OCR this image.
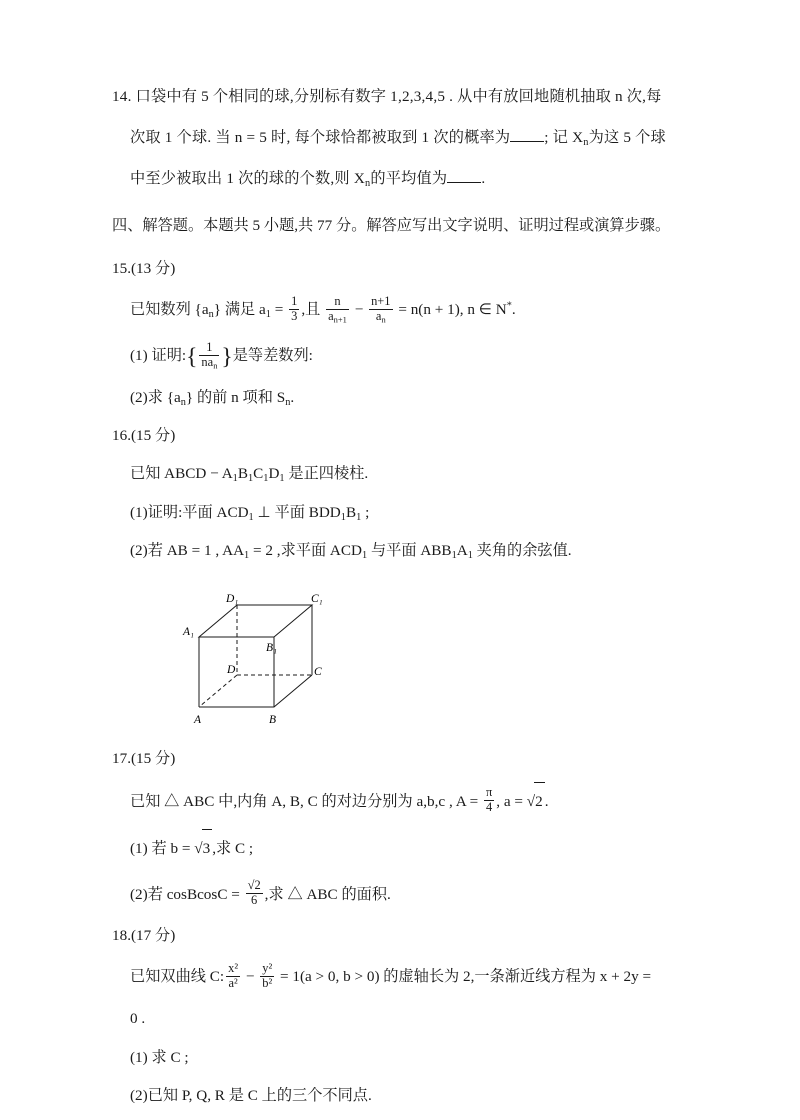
14. 口袋中有 5 个相同的球,分别标有数字 1,2,3,4,5 . 从中有放回地随机抽取 n 次,每

次取 1 个球. 当 n = 5 时, 每个球恰都被取到 1 次的概率为 ; 记 $X_n$为这 5 个球

中至少被取出 1 次的球的个数,则 $X_n$的平均值为 .

四、解答题。本题共 5 小题,共 77 分。解答应写出文字说明、证明过程或演算步骤。

15.(13 分)

已知数列 $\{a_n\}$ 满足 $a_1 = \frac{1}{3}$ ,且 $\frac{n}{a_{n+1}} - \frac{n+1}{a_n} = n(n + 1)$, n ∈ N*.

(1) 证明:{ $\frac{1}{na_n}$ }是等差数列:

(2)求 $\{a_n\}$ 的前 n 项和 $S_n$.

16.(15 分)

已知 ABCD − $A_1B_1C_1D_1$ 是正四棱柱.

(1)证明:平面 $ACD_1$ ⊥ 平面 $BDD_1B_1$ ;

(2)若 AB = 1 , $AA_1 = 2$ ,求平面 $ACD_1$ 与平面 $ABB_1A_1$ 夹角的余弦值.

D₁	C₁
A₁
B₁
D	C
A	B

17.(15 分)

已知 △ ABC 中,内角 A, B, C 的对边分别为 a,b,c , $A = \frac{\pi}{4}$ , a = √2 .

(1) 若 b = √3 ,求 C ;

(2)若 cosBcosC = $\frac{√2}{6}$ ,求 △ ABC 的面积.

18.(17 分)

已知双曲线 C: $\frac{\text{x²}}{\text{a²}} - \frac{\text{y²}}{\text{b²}} = 1(a > 0$, b > 0) 的虚轴长为 2,一条渐近线方程为 x + 2y =

0 .

(1) 求 C ;

(2)已知 P, Q, R 是 C 上的三个不同点.
